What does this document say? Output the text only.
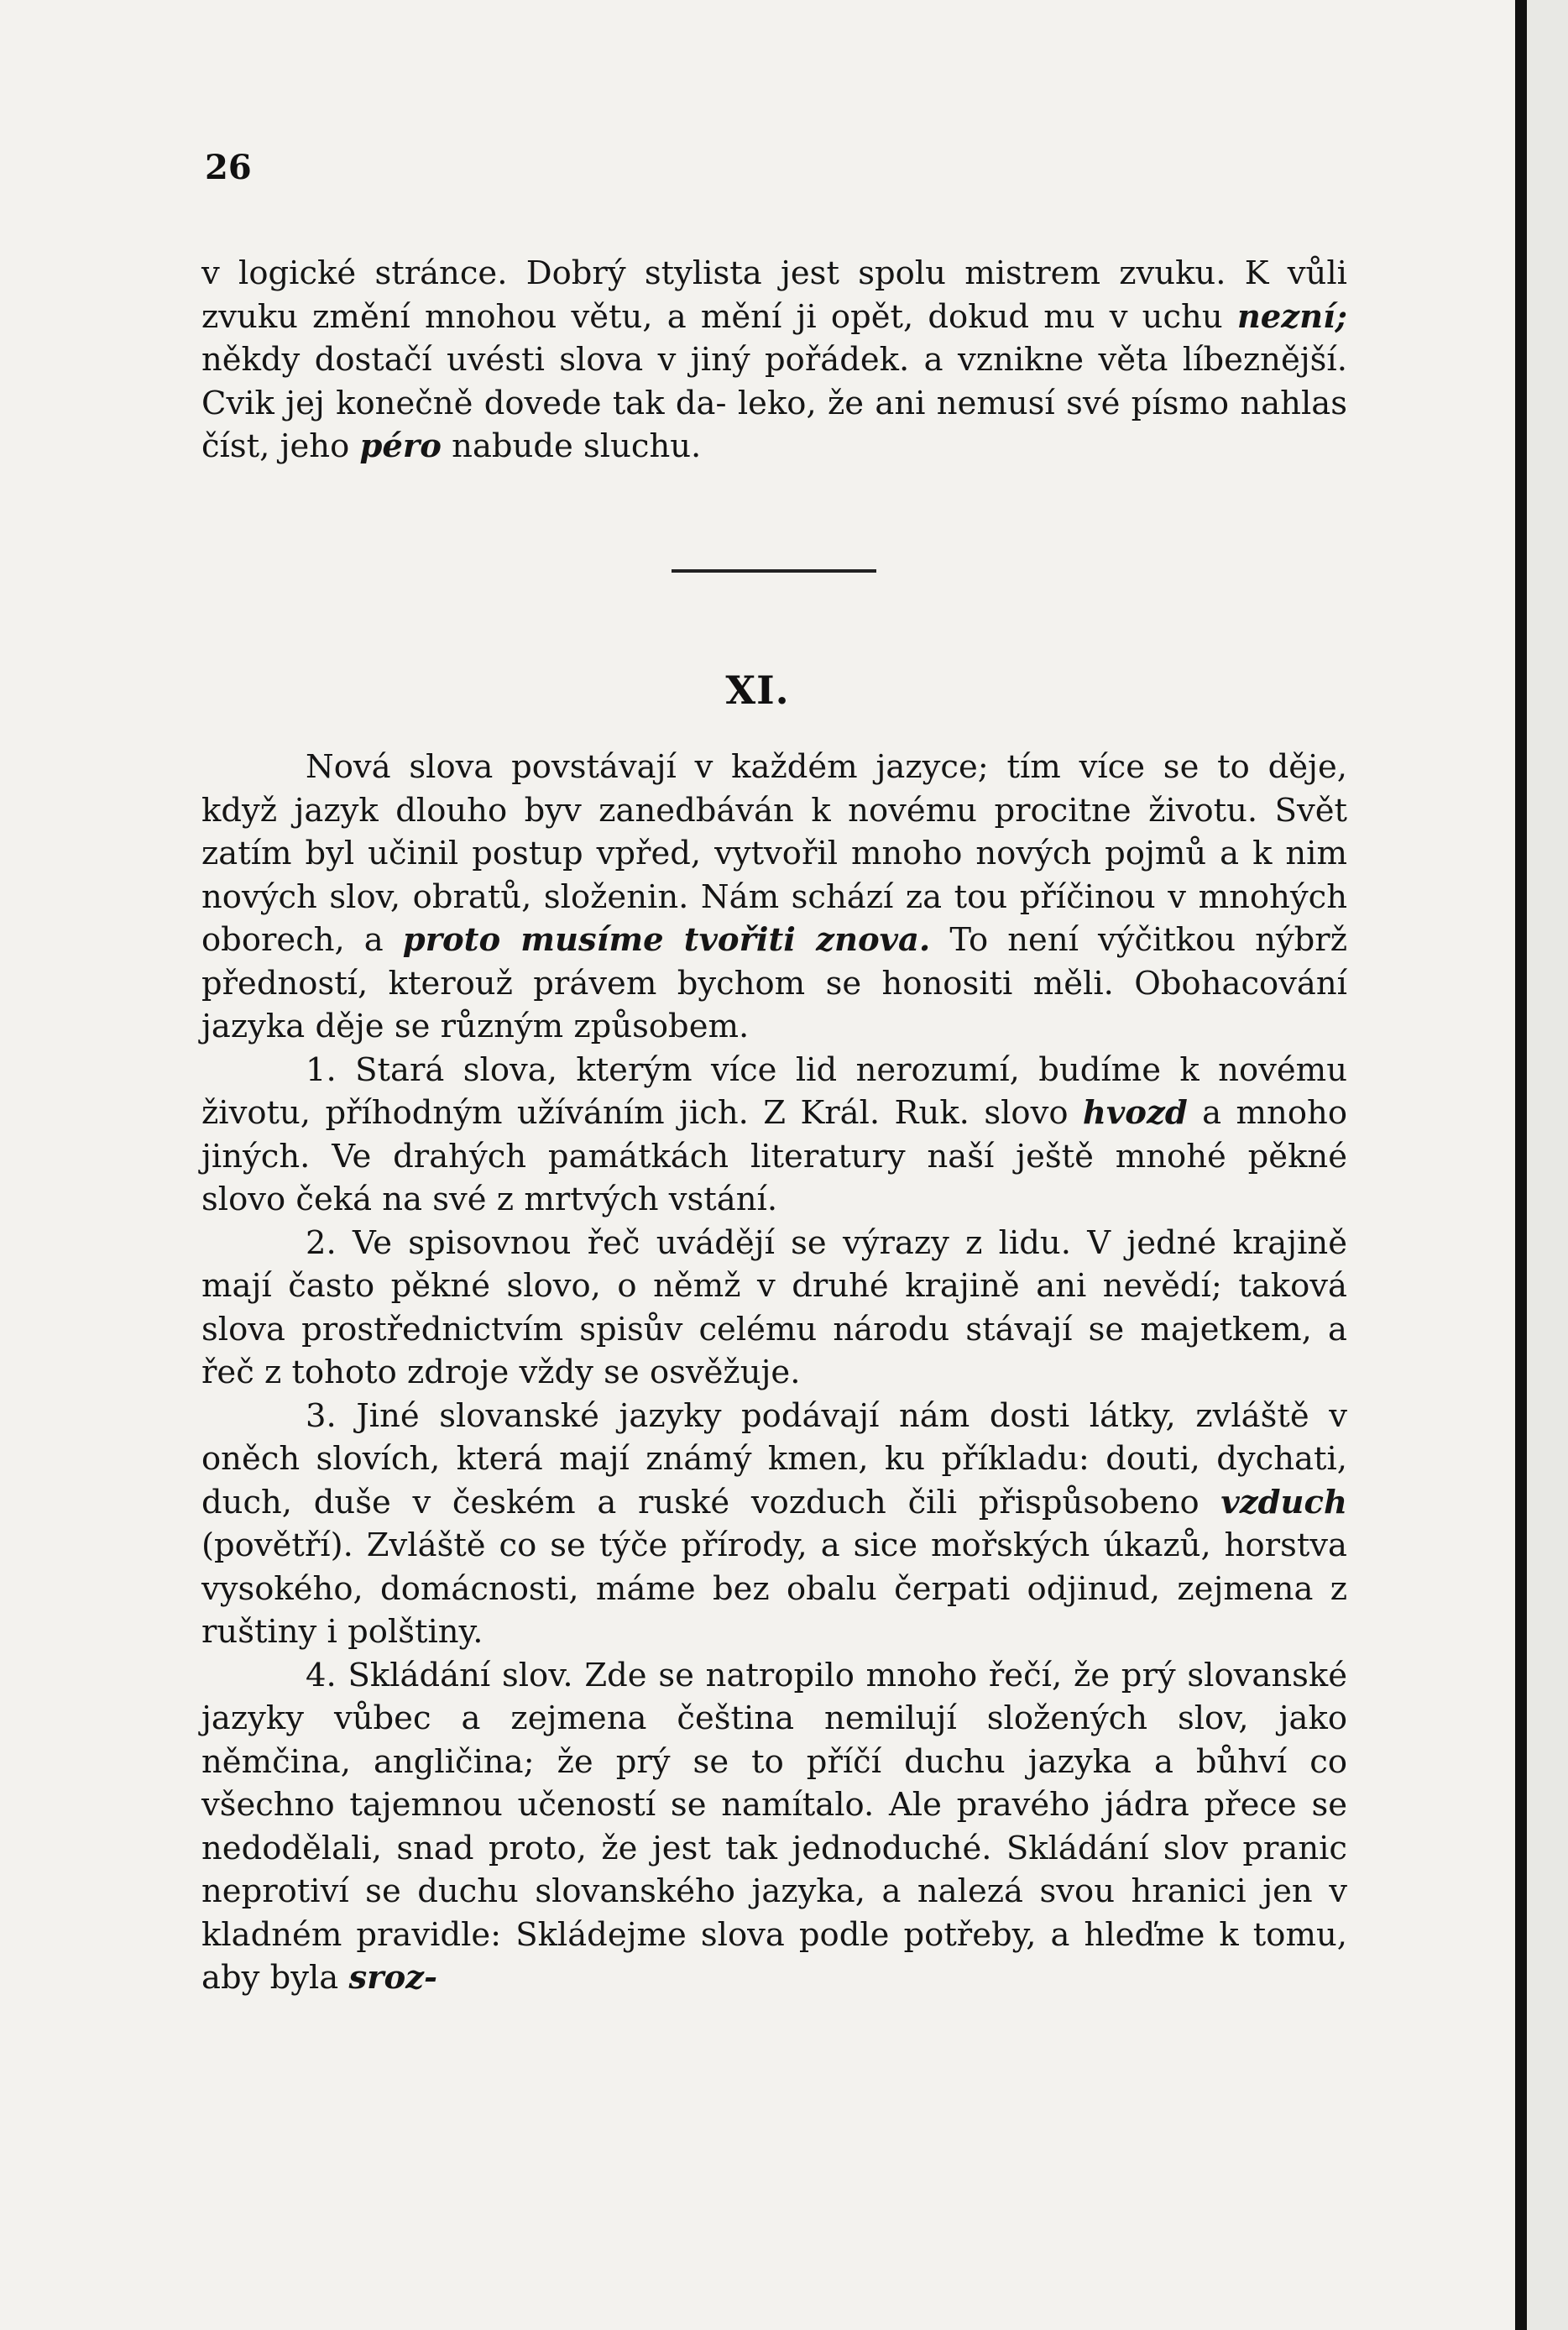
26

v logické stránce. Dobrý stylista jest spolu mistrem zvuku. K vůli zvuku změní mnohou větu, a mění ji opět, dokud mu v uchu nezní; někdy dostačí uvésti slova v jiný pořádek. a vznikne věta líbeznější. Cvik jej konečně dovede tak da- leko, že ani nemusí své písmo nahlas číst, jeho péro nabude sluchu.

XI.

Nová slova povstávají v každém jazyce; tím více se to děje, když jazyk dlouho byv zanedbáván k novému procitne životu. Svět zatím byl učinil postup vpřed, vytvořil mnoho nových pojmů a k nim nových slov, obratů, složenin. Nám schází za tou příčinou v mnohých oborech, a proto musíme tvořiti znova. To není výčitkou nýbrž předností, kterouž právem bychom se honositi měli. Obohacování jazyka děje se různým způsobem.

1. Stará slova, kterým více lid nerozumí, budíme k novému životu, příhodným užíváním jich. Z Král. Ruk. slovo hvozd a mnoho jiných. Ve drahých památkách literatury naší ještě mnohé pěkné slovo čeká na své z mrtvých vstání.

2. Ve spisovnou řeč uvádějí se výrazy z lidu. V jedné krajině mají často pěkné slovo, o němž v druhé krajině ani nevědí; taková slova prostřednictvím spisův celému národu stávají se majetkem, a řeč z tohoto zdroje vždy se osvěžuje.

3. Jiné slovanské jazyky podávají nám dosti látky, zvláště v oněch slovích, která mají známý kmen, ku příkladu: douti, dychati, duch, duše v českém a ruské vozduch čili přispůsobeno vzduch (povětří). Zvláště co se týče přírody, a sice mořských úkazů, horstva vysokého, domácnosti, máme bez obalu čerpati odjinud, zejmena z ruštiny i polštiny.

4. Skládání slov. Zde se natropilo mnoho řečí, že prý slovanské jazyky vůbec a zejmena čeština nemilují složených slov, jako němčina, angličina; že prý se to příčí duchu jazyka a bůhví co všechno tajemnou učeností se namítalo. Ale pravého jádra přece se nedodělali, snad proto, že jest tak jednoduché. Skládání slov pranic neprotiví se duchu slovanského jazyka, a nalezá svou hranici jen v kladném pravidle: Skládejme slova podle potřeby, a hleďme k tomu, aby byla sroz-
